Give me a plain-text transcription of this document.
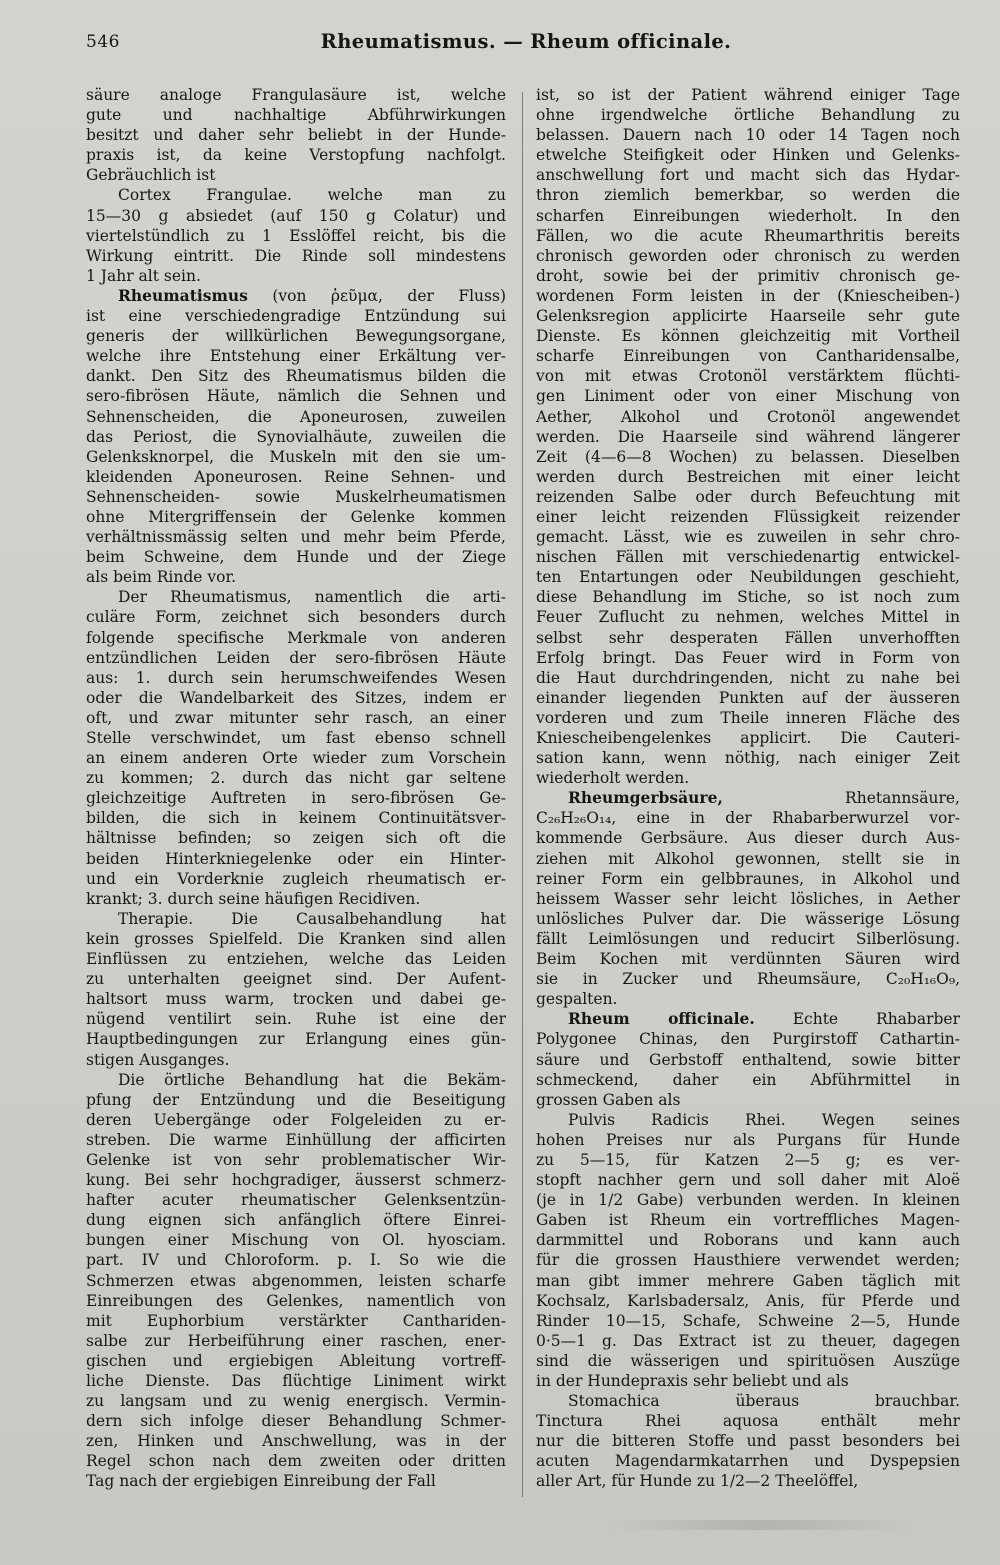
546	Rheumatismus. — Rheum officinale.
säure analoge Frangulasäure ist, welche
gute und nachhaltige Abführwirkungen
besitzt und daher sehr beliebt in der Hunde-
praxis ist, da keine Verstopfung nachfolgt.
Gebräuchlich ist
Cortex Frangulae. welche man zu
15—30 g absiedet (auf 150 g Colatur) und
viertelstündlich zu 1 Esslöffel reicht, bis die
Wirkung eintritt. Die Rinde soll mindestens
1 Jahr alt sein.
Rheumatismus (von ῥεῦμα, der Fluss)
ist eine verschiedengradige Entzündung sui
generis der willkürlichen Bewegungsorgane,
welche ihre Entstehung einer Erkältung ver-
dankt. Den Sitz des Rheumatismus bilden die
sero-fibrösen Häute, nämlich die Sehnen und
Sehnenscheiden, die Aponeurosen, zuweilen
das Periost, die Synovialhäute, zuweilen die
Gelenksknorpel, die Muskeln mit den sie um-
kleidenden Aponeurosen. Reine Sehnen- und
Sehnenscheiden- sowie Muskelrheumatismen
ohne Mitergriffensein der Gelenke kommen
verhältnissmässig selten und mehr beim Pferde,
beim Schweine, dem Hunde und der Ziege
als beim Rinde vor.
Der Rheumatismus, namentlich die arti-
culäre Form, zeichnet sich besonders durch
folgende specifische Merkmale von anderen
entzündlichen Leiden der sero-fibrösen Häute
aus: 1. durch sein herumschweifendes Wesen
oder die Wandelbarkeit des Sitzes, indem er
oft, und zwar mitunter sehr rasch, an einer
Stelle verschwindet, um fast ebenso schnell
an einem anderen Orte wieder zum Vorschein
zu kommen; 2. durch das nicht gar seltene
gleichzeitige Auftreten in sero-fibrösen Ge-
bilden, die sich in keinem Continuitätsver-
hältnisse befinden; so zeigen sich oft die
beiden Hinterkniegelenke oder ein Hinter-
und ein Vorderknie zugleich rheumatisch er-
krankt; 3. durch seine häufigen Recidiven.
Therapie. Die Causalbehandlung hat
kein grosses Spielfeld. Die Kranken sind allen
Einflüssen zu entziehen, welche das Leiden
zu unterhalten geeignet sind. Der Aufent-
haltsort muss warm, trocken und dabei ge-
nügend ventilirt sein. Ruhe ist eine der
Hauptbedingungen zur Erlangung eines gün-
stigen Ausganges.
Die örtliche Behandlung hat die Bekäm-
pfung der Entzündung und die Beseitigung
deren Uebergänge oder Folgeleiden zu er-
streben. Die warme Einhüllung der afficirten
Gelenke ist von sehr problematischer Wir-
kung. Bei sehr hochgradiger, äusserst schmerz-
hafter acuter rheumatischer Gelenksentzün-
dung eignen sich anfänglich öftere Einrei-
bungen einer Mischung von Ol. hyosciam.
part. IV und Chloroform. p. I. So wie die
Schmerzen etwas abgenommen, leisten scharfe
Einreibungen des Gelenkes, namentlich von
mit Euphorbium verstärkter Canthariden-
salbe zur Herbeiführung einer raschen, ener-
gischen und ergiebigen Ableitung vortreff-
liche Dienste. Das flüchtige Liniment wirkt
zu langsam und zu wenig energisch. Vermin-
dern sich infolge dieser Behandlung Schmer-
zen, Hinken und Anschwellung, was in der
Regel schon nach dem zweiten oder dritten
Tag nach der ergiebigen Einreibung der Fall
ist, so ist der Patient während einiger Tage
ohne irgendwelche örtliche Behandlung zu
belassen. Dauern nach 10 oder 14 Tagen noch
etwelche Steifigkeit oder Hinken und Gelenks-
anschwellung fort und macht sich das Hydar-
thron ziemlich bemerkbar, so werden die
scharfen Einreibungen wiederholt. In den
Fällen, wo die acute Rheumarthritis bereits
chronisch geworden oder chronisch zu werden
droht, sowie bei der primitiv chronisch ge-
wordenen Form leisten in der (Kniescheiben-)
Gelenksregion applicirte Haarseile sehr gute
Dienste. Es können gleichzeitig mit Vortheil
scharfe Einreibungen von Cantharidensalbe,
von mit etwas Crotonöl verstärktem flüchti-
gen Liniment oder von einer Mischung von
Aether, Alkohol und Crotonöl angewendet
werden. Die Haarseile sind während längerer
Zeit (4—6—8 Wochen) zu belassen. Dieselben
werden durch Bestreichen mit einer leicht
reizenden Salbe oder durch Befeuchtung mit
einer leicht reizenden Flüssigkeit reizender
gemacht. Lässt, wie es zuweilen in sehr chro-
nischen Fällen mit verschiedenartig entwickel-
ten Entartungen oder Neubildungen geschieht,
diese Behandlung im Stiche, so ist noch zum
Feuer Zuflucht zu nehmen, welches Mittel in
selbst sehr desperaten Fällen unverhofften
Erfolg bringt. Das Feuer wird in Form von
die Haut durchdringenden, nicht zu nahe bei
einander liegenden Punkten auf der äusseren
vorderen und zum Theile inneren Fläche des
Kniescheibengelenkes applicirt. Die Cauteri-
sation kann, wenn nöthig, nach einiger Zeit
wiederholt werden.
Rheumgerbsäure, Rhetannsäure,
C₂₆H₂₆O₁₄, eine in der Rhabarberwurzel vor-
kommende Gerbsäure. Aus dieser durch Aus-
ziehen mit Alkohol gewonnen, stellt sie in
reiner Form ein gelbbraunes, in Alkohol und
heissem Wasser sehr leicht lösliches, in Aether
unlösliches Pulver dar. Die wässerige Lösung
fällt Leimlösungen und reducirt Silberlösung.
Beim Kochen mit verdünnten Säuren wird
sie in Zucker und Rheumsäure, C₂₀H₁₆O₉,
gespalten.
Rheum officinale. Echte Rhabarber
Polygonee Chinas, den Purgirstoff Cathartin-
säure und Gerbstoff enthaltend, sowie bitter
schmeckend, daher ein Abführmittel in
grossen Gaben als
Pulvis Radicis Rhei. Wegen seines
hohen Preises nur als Purgans für Hunde
zu 5—15, für Katzen 2—5 g; es ver-
stopft nachher gern und soll daher mit Aloë
(je in 1/2 Gabe) verbunden werden. In kleinen
Gaben ist Rheum ein vortreffliches Magen-
darmmittel und Roborans und kann auch
für die grossen Hausthiere verwendet werden;
man gibt immer mehrere Gaben täglich mit
Kochsalz, Karlsbadersalz, Anis, für Pferde und
Rinder 10—15, Schafe, Schweine 2—5, Hunde
0·5—1 g. Das Extract ist zu theuer, dagegen
sind die wässerigen und spirituösen Auszüge
in der Hundepraxis sehr beliebt und als
Stomachica überaus brauchbar.
Tinctura Rhei aquosa enthält mehr
nur die bitteren Stoffe und passt besonders bei
acuten Magendarmkatarrhen und Dyspepsien
aller Art, für Hunde zu 1/2—2 Theelöffel,
